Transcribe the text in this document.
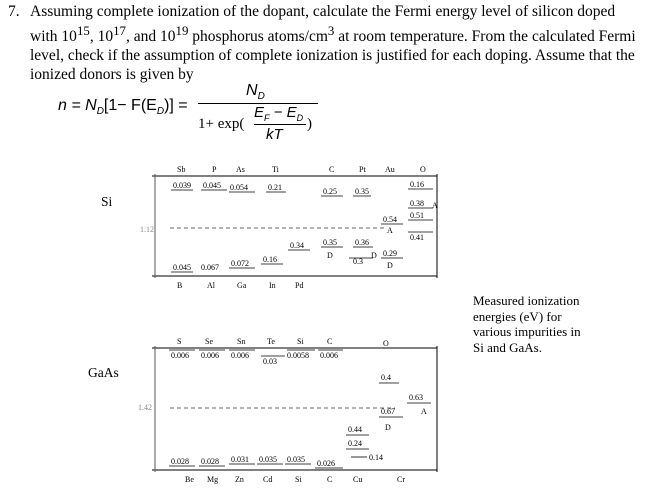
7. Assuming complete ionization of the dopant, calculate the Fermi energy level of silicon doped with $10^{15}$, $10^{17}$, and $10^{19}$ phosphorus atoms/$cm^3$ at room temperature. From the calculated Fermi level, check if the assumption of complete ionization is justified for each doping. Assume that the ionized donors is given by
$n = N_D[1- F(E_D)]$ =
$N_D$
1+ exp(
$E_F - E_D$
kT
)
Si
1.12
Sb	P As	Ti	C	Pt Au	O
0.039 0.045 0.054	0.21	0.25 0.35
0.16
0.38
0.51
0.54
0.41
0.34 0.35 0.36
0.29
0.3
0.16
0.072
0.067
0.045
A
A
D	D
D
B	Al	Ga	In Pd
GaAs
1.42
S	Se	Sn	Te	Si	C	O
0.006 0.006 0.006
0.03
0.0058 0.006
0.4
0.63
0.67
0.44
0.24
0.14
0.028 0.028 0.031 0.035 0.035 0.026
A
D
Be Mg Zn Cd	Si	C	Cu	Cr
Measured ionization
energies (eV) for
various impurities in
Si and GaAs.
